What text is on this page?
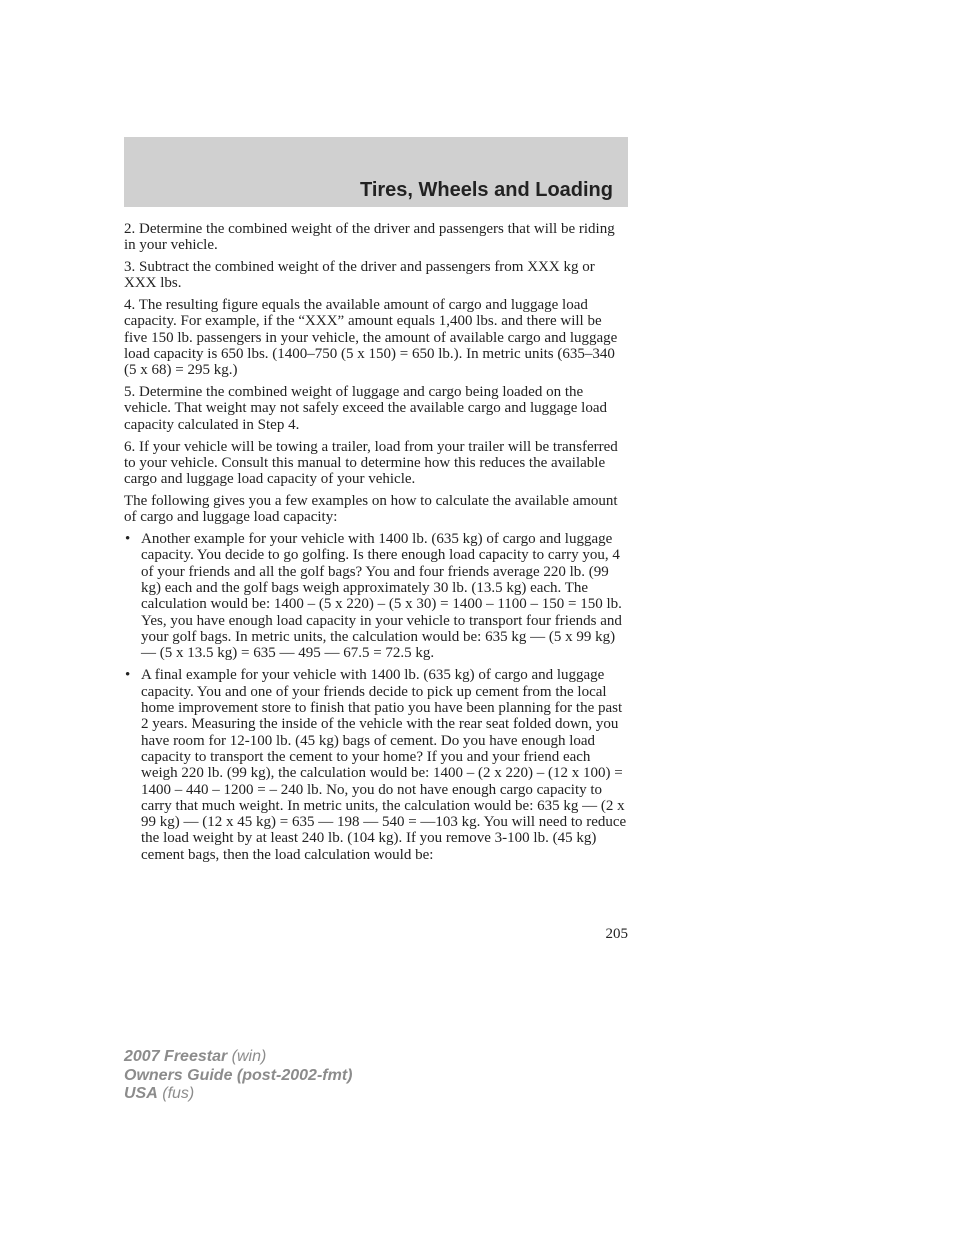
Tires, Wheels and Loading

2. Determine the combined weight of the driver and passengers that will be riding in your vehicle.

3. Subtract the combined weight of the driver and passengers from XXX kg or XXX lbs.

4. The resulting figure equals the available amount of cargo and luggage load capacity. For example, if the “XXX” amount equals 1,400 lbs. and there will be five 150 lb. passengers in your vehicle, the amount of available cargo and luggage load capacity is 650 lbs. (1400–750 (5 x 150) = 650 lb.). In metric units (635–340 (5 x 68) = 295 kg.)

5. Determine the combined weight of luggage and cargo being loaded on the vehicle. That weight may not safely exceed the available cargo and luggage load capacity calculated in Step 4.

6. If your vehicle will be towing a trailer, load from your trailer will be transferred to your vehicle. Consult this manual to determine how this reduces the available cargo and luggage load capacity of your vehicle.

The following gives you a few examples on how to calculate the available amount of cargo and luggage load capacity:

• Another example for your vehicle with 1400 lb. (635 kg) of cargo and luggage capacity. You decide to go golfing. Is there enough load capacity to carry you, 4 of your friends and all the golf bags? You and four friends average 220 lb. (99 kg) each and the golf bags weigh approximately 30 lb. (13.5 kg) each. The calculation would be: 1400 – (5 x 220) – (5 x 30) = 1400 – 1100 – 150 = 150 lb. Yes, you have enough load capacity in your vehicle to transport four friends and your golf bags. In metric units, the calculation would be: 635 kg — (5 x 99 kg) — (5 x 13.5 kg) = 635 — 495 — 67.5 = 72.5 kg.
• A final example for your vehicle with 1400 lb. (635 kg) of cargo and luggage capacity. You and one of your friends decide to pick up cement from the local home improvement store to finish that patio you have been planning for the past 2 years. Measuring the inside of the vehicle with the rear seat folded down, you have room for 12-100 lb. (45 kg) bags of cement. Do you have enough load capacity to transport the cement to your home? If you and your friend each weigh 220 lb. (99 kg), the calculation would be: 1400 – (2 x 220) – (12 x 100) = 1400 – 440 – 1200 = – 240 lb. No, you do not have enough cargo capacity to carry that much weight. In metric units, the calculation would be: 635 kg — (2 x 99 kg) — (12 x 45 kg) = 635 — 198 — 540 = —103 kg. You will need to reduce the load weight by at least 240 lb. (104 kg). If you remove 3-100 lb. (45 kg) cement bags, then the load calculation would be:
205
2007 Freestar (win)
Owners Guide (post-2002-fmt)
USA (fus)
